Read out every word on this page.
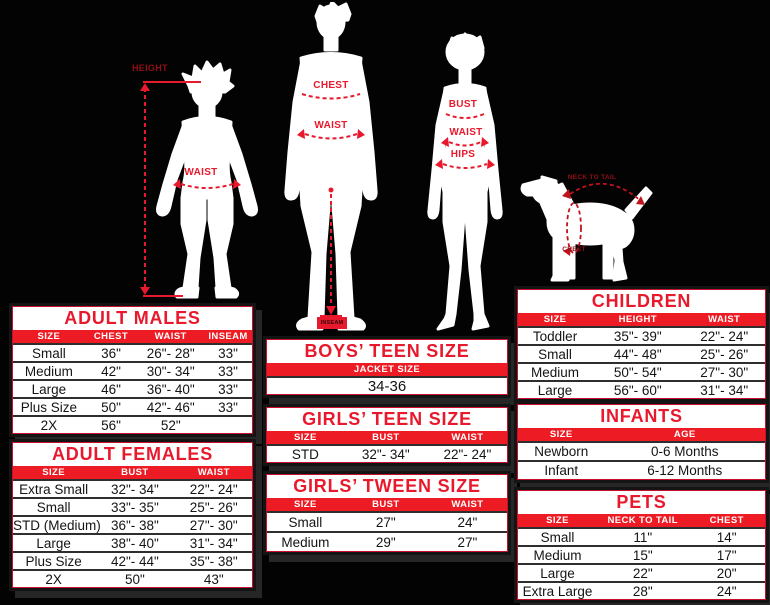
HEIGHT
WAIST
CHEST
WAIST
INSEAM
BUST
WAIST
HIPS
NECK TO TAIL
CHEST
ADULT MALES
SIZE	CHEST	WAIST	INSEAM
Small	36"	26"- 28"	33"
Medium	42"	30"- 34"	33"
Large	46"	36"- 40"	33"
Plus Size	50"	42"- 46"	33"
2X	56"	52"
ADULT FEMALES
SIZE	BUST	WAIST
Extra Small	32"- 34"	22"- 24"
Small	33"- 35"	25"- 26"
STD (Medium) 36"- 38"	27"- 30"
Large	38"- 40"	31"- 34"
Plus Size	42"- 44"	35"- 38"
2X	50"	43"
BOYS’ TEEN SIZE
JACKET SIZE
34-36
GIRLS’ TEEN SIZE
SIZE	BUST	WAIST
STD	32"- 34"	22"- 24"
GIRLS’ TWEEN SIZE
SIZE	BUST	WAIST
Small	27"	24"
Medium	29"	27"
CHILDREN
SIZE	HEIGHT	WAIST
Toddler	35"- 39"	22"- 24"
Small	44"- 48"	25"- 26"
Medium	50"- 54"	27"- 30"
Large	56"- 60"	31"- 34"
INFANTS
SIZE	AGE
Newborn	0-6 Months
Infant	6-12 Months
PETS
SIZE	NECK TO TAIL	CHEST
Small	11"	14"
Medium	15"	17"
Large	22"	20"
Extra Large	28"	24"
